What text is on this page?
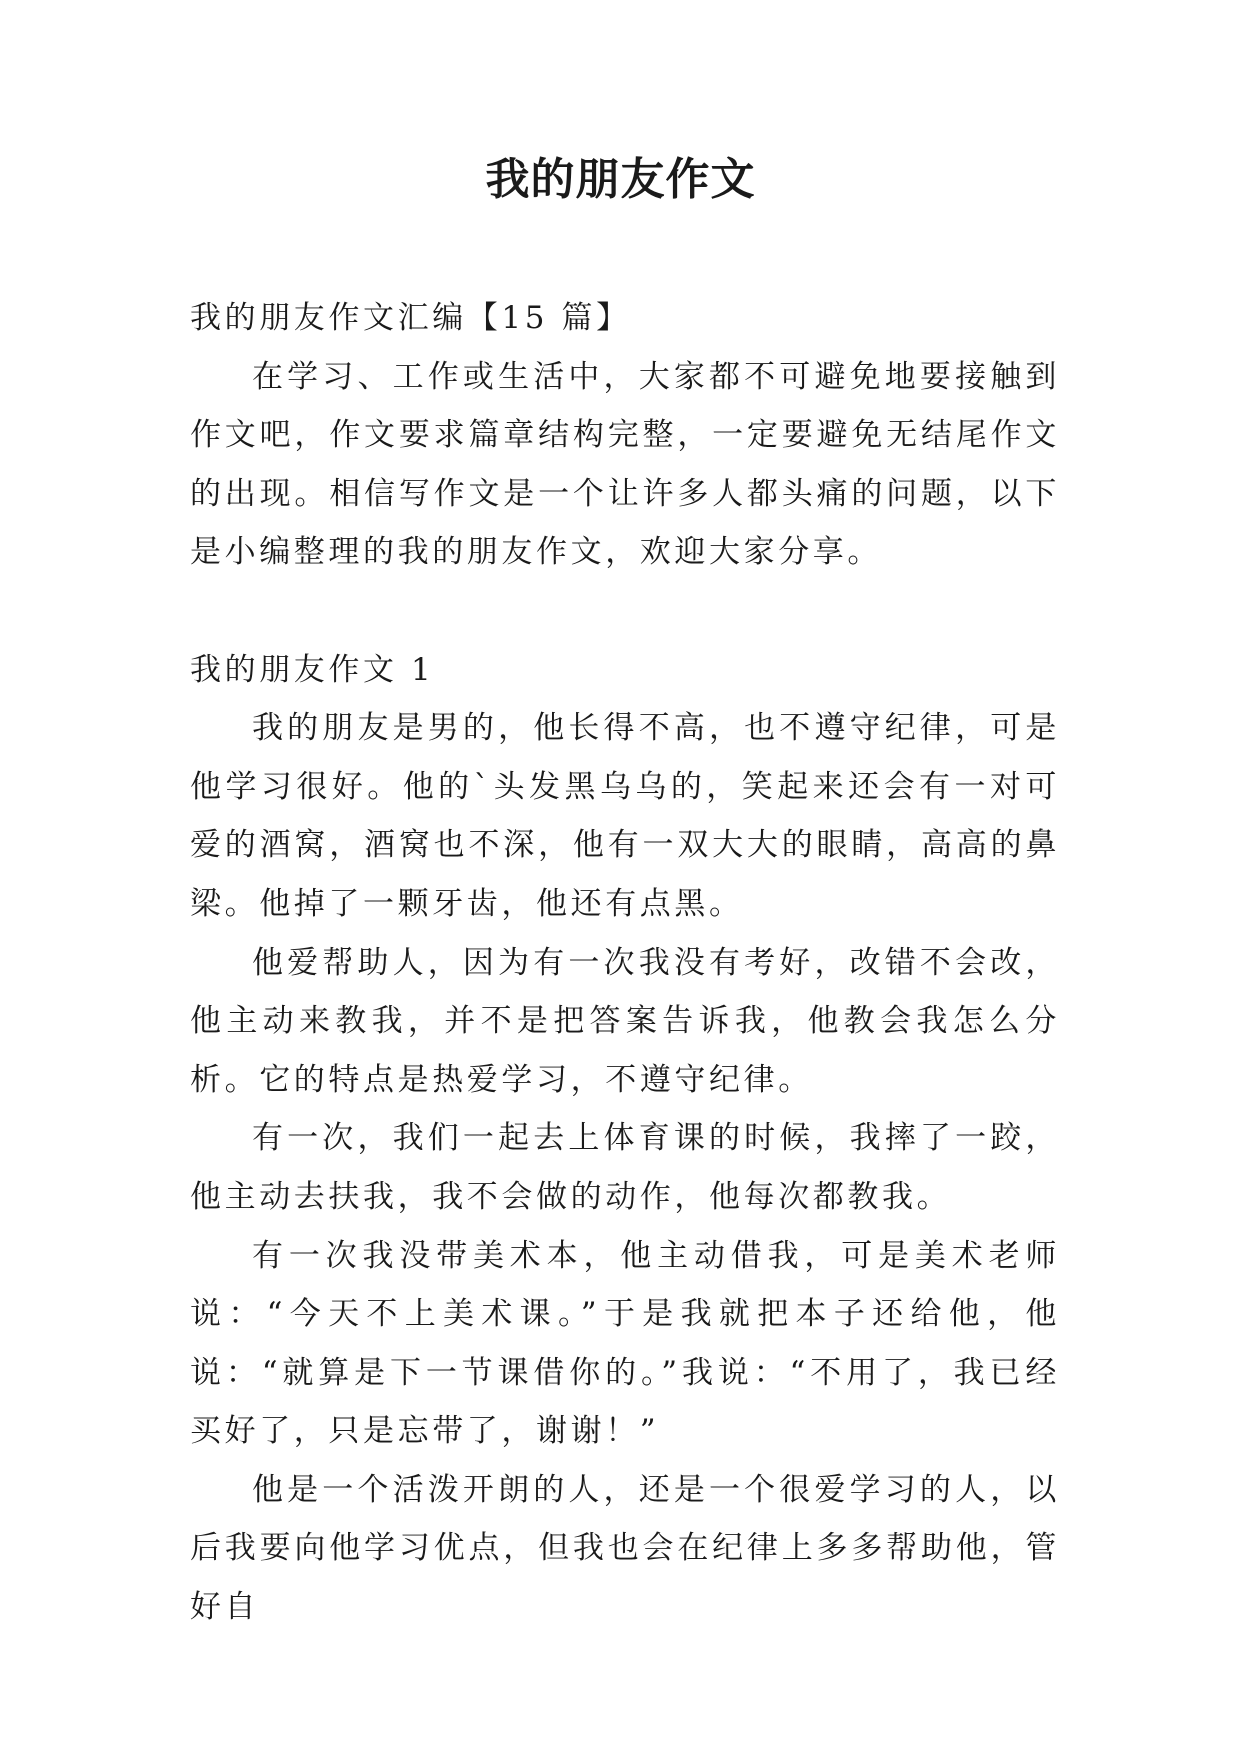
我的朋友作文

我的朋友作文汇编【15 篇】

在学习、工作或生活中，大家都不可避免地要接触到作文吧，作文要求篇章结构完整，一定要避免无结尾作文的出现。相信写作文是一个让许多人都头痛的问题，以下是小编整理的我的朋友作文，欢迎大家分享。

我的朋友作文 1

我的朋友是男的，他长得不高，也不遵守纪律，可是他学习很好。他的`头发黑乌乌的，笑起来还会有一对可爱的酒窝，酒窝也不深，他有一双大大的眼睛，高高的鼻梁。他掉了一颗牙齿，他还有点黑。

他爱帮助人，因为有一次我没有考好，改错不会改，他主动来教我，并不是把答案告诉我，他教会我怎么分析。它的特点是热爱学习，不遵守纪律。

有一次，我们一起去上体育课的时候，我摔了一跤，他主动去扶我，我不会做的动作，他每次都教我。

有一次我没带美术本，他主动借我，可是美术老师说：“今天不上美术课。”于是我就把本子还给他，他说：“就算是下一节课借你的。”我说：“不用了，我已经买好了，只是忘带了，谢谢！”

他是一个活泼开朗的人，还是一个很爱学习的人，以后我要向他学习优点，但我也会在纪律上多多帮助他，管好自
